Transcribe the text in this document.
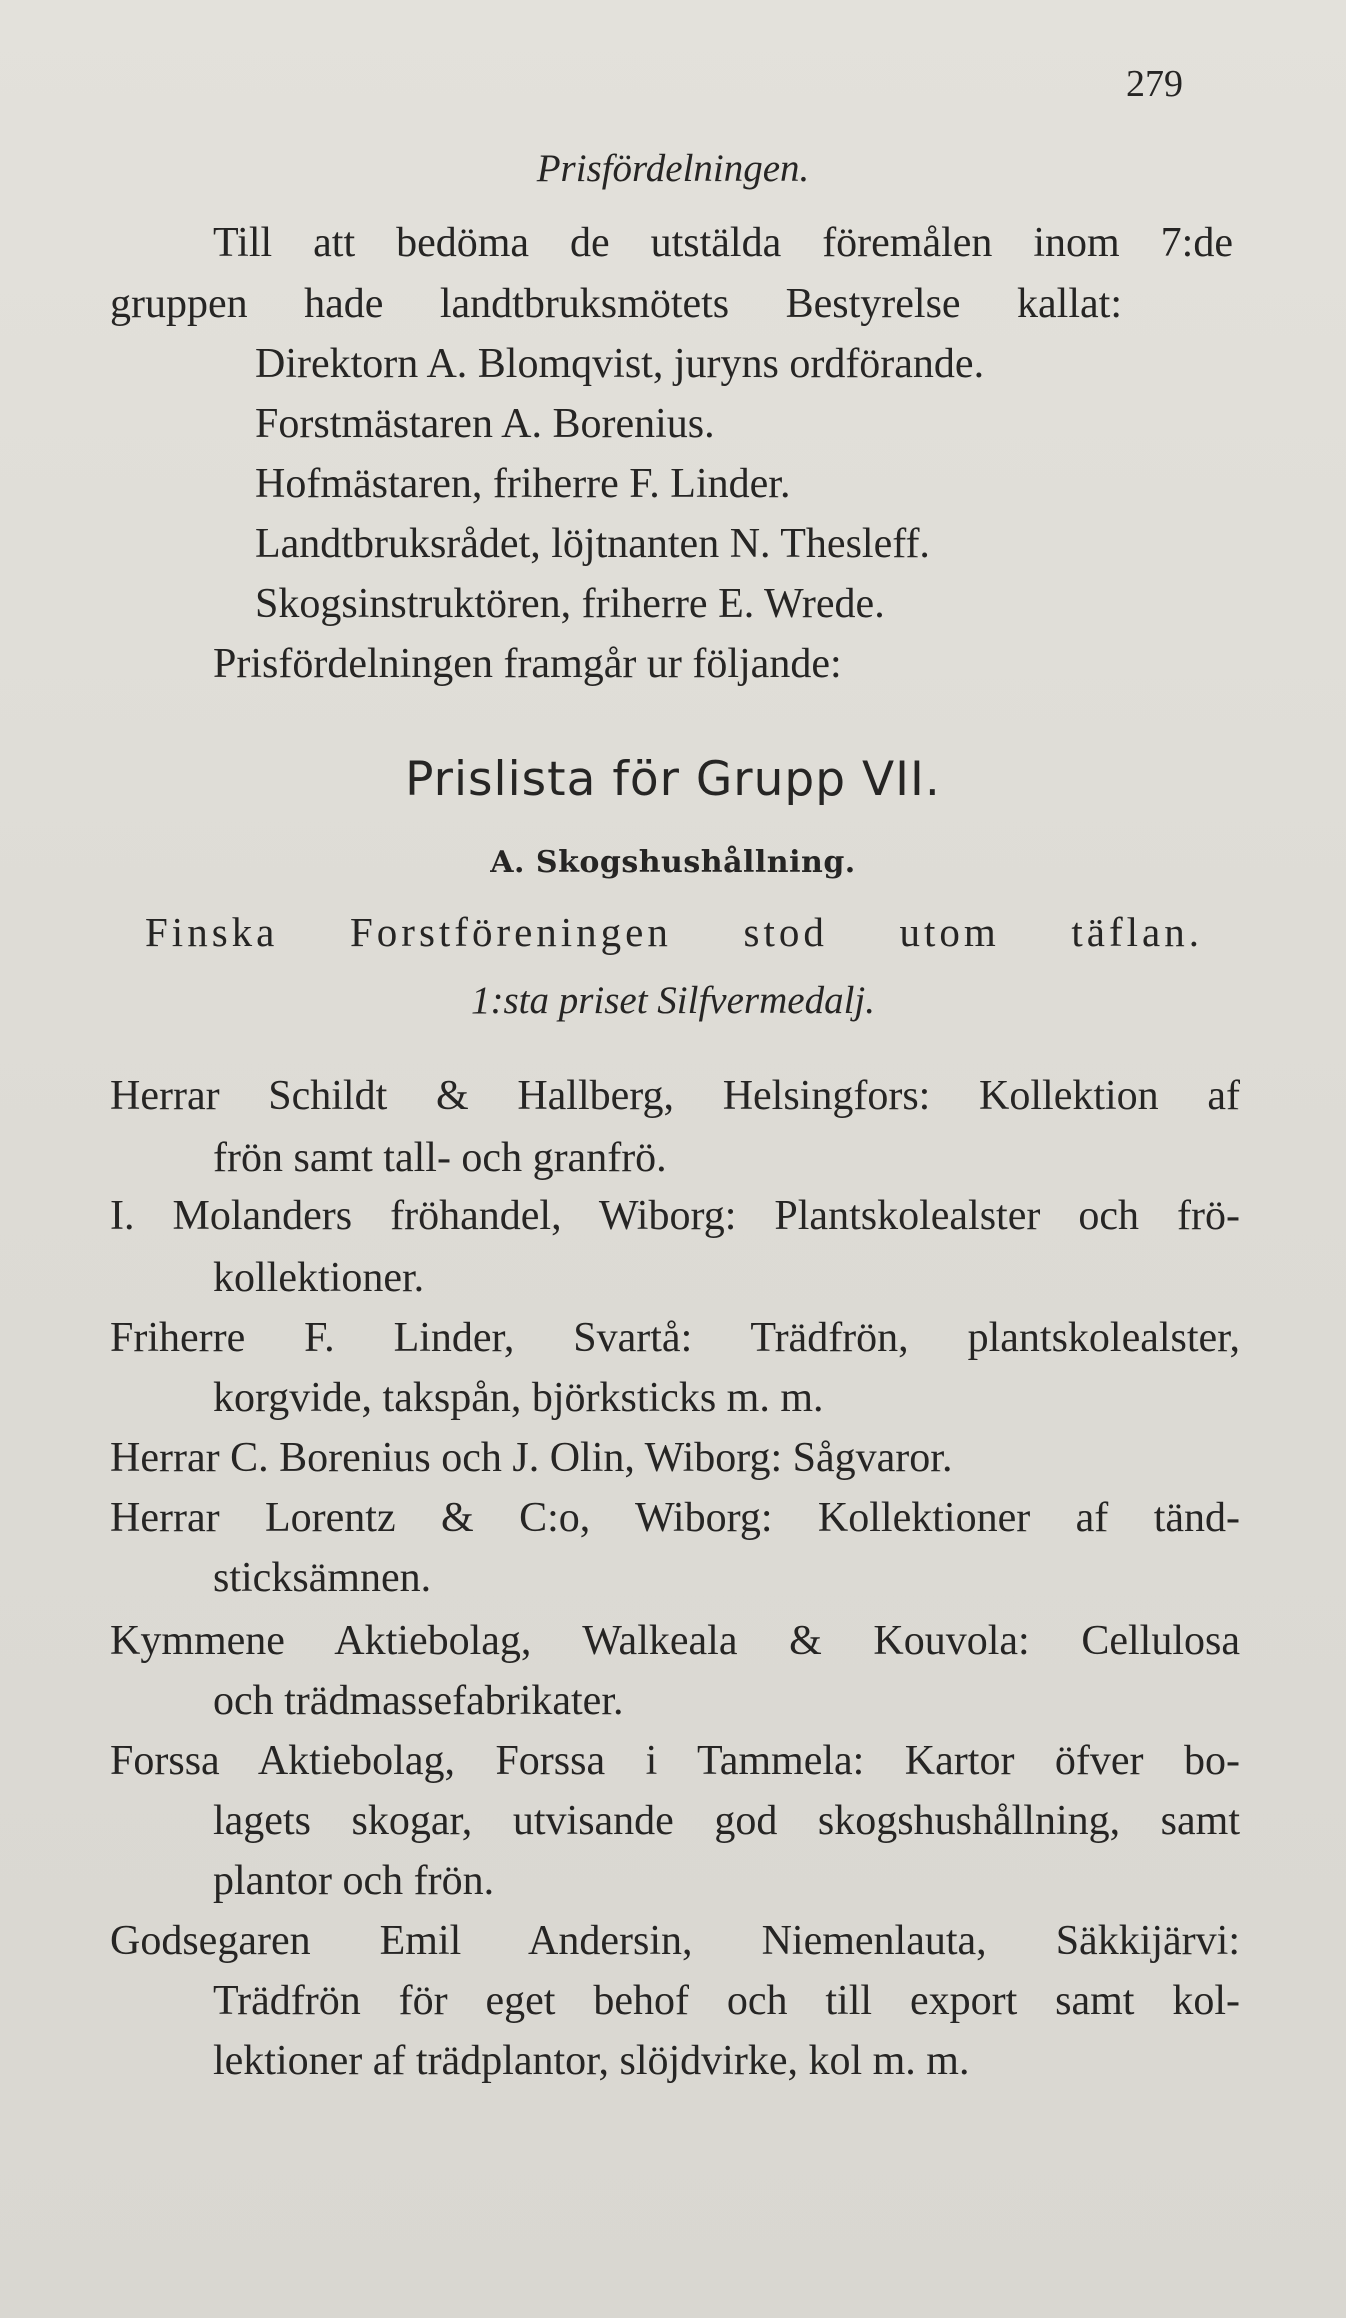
279
Prisfördelningen.
Till att bedöma de utstälda föremålen inom 7:de
gruppen hade landtbruksmötets Bestyrelse kallat:
Direktorn A. Blomqvist, juryns ordförande.
Forstmästaren A. Borenius.
Hofmästaren, friherre F. Linder.
Landtbruksrådet, löjtnanten N. Thesleff.
Skogsinstruktören, friherre E. Wrede.
Prisfördelningen framgår ur följande:
Prislista för Grupp VII.
A. Skogshushållning.
Finska Forstföreningen stod utom täflan.
1:sta priset Silfvermedalj.
Herrar Schildt & Hallberg, Helsingfors: Kollektion af
frön samt tall- och granfrö.
I. Molanders fröhandel, Wiborg: Plantskolealster och frö-
kollektioner.
Friherre F. Linder, Svartå: Trädfrön, plantskolealster,
korgvide, takspån, björksticks m. m.
Herrar C. Borenius och J. Olin, Wiborg: Sågvaror.
Herrar Lorentz & C:o, Wiborg: Kollektioner af tänd-
sticksämnen.
Kymmene Aktiebolag, Walkeala & Kouvola: Cellulosa
och trädmassefabrikater.
Forssa Aktiebolag, Forssa i Tammela: Kartor öfver bo-
lagets skogar, utvisande god skogshushållning, samt
plantor och frön.
Godsegaren Emil Andersin, Niemenlauta, Säkkijärvi:
Trädfrön för eget behof och till export samt kol-
lektioner af trädplantor, slöjdvirke, kol m. m.
